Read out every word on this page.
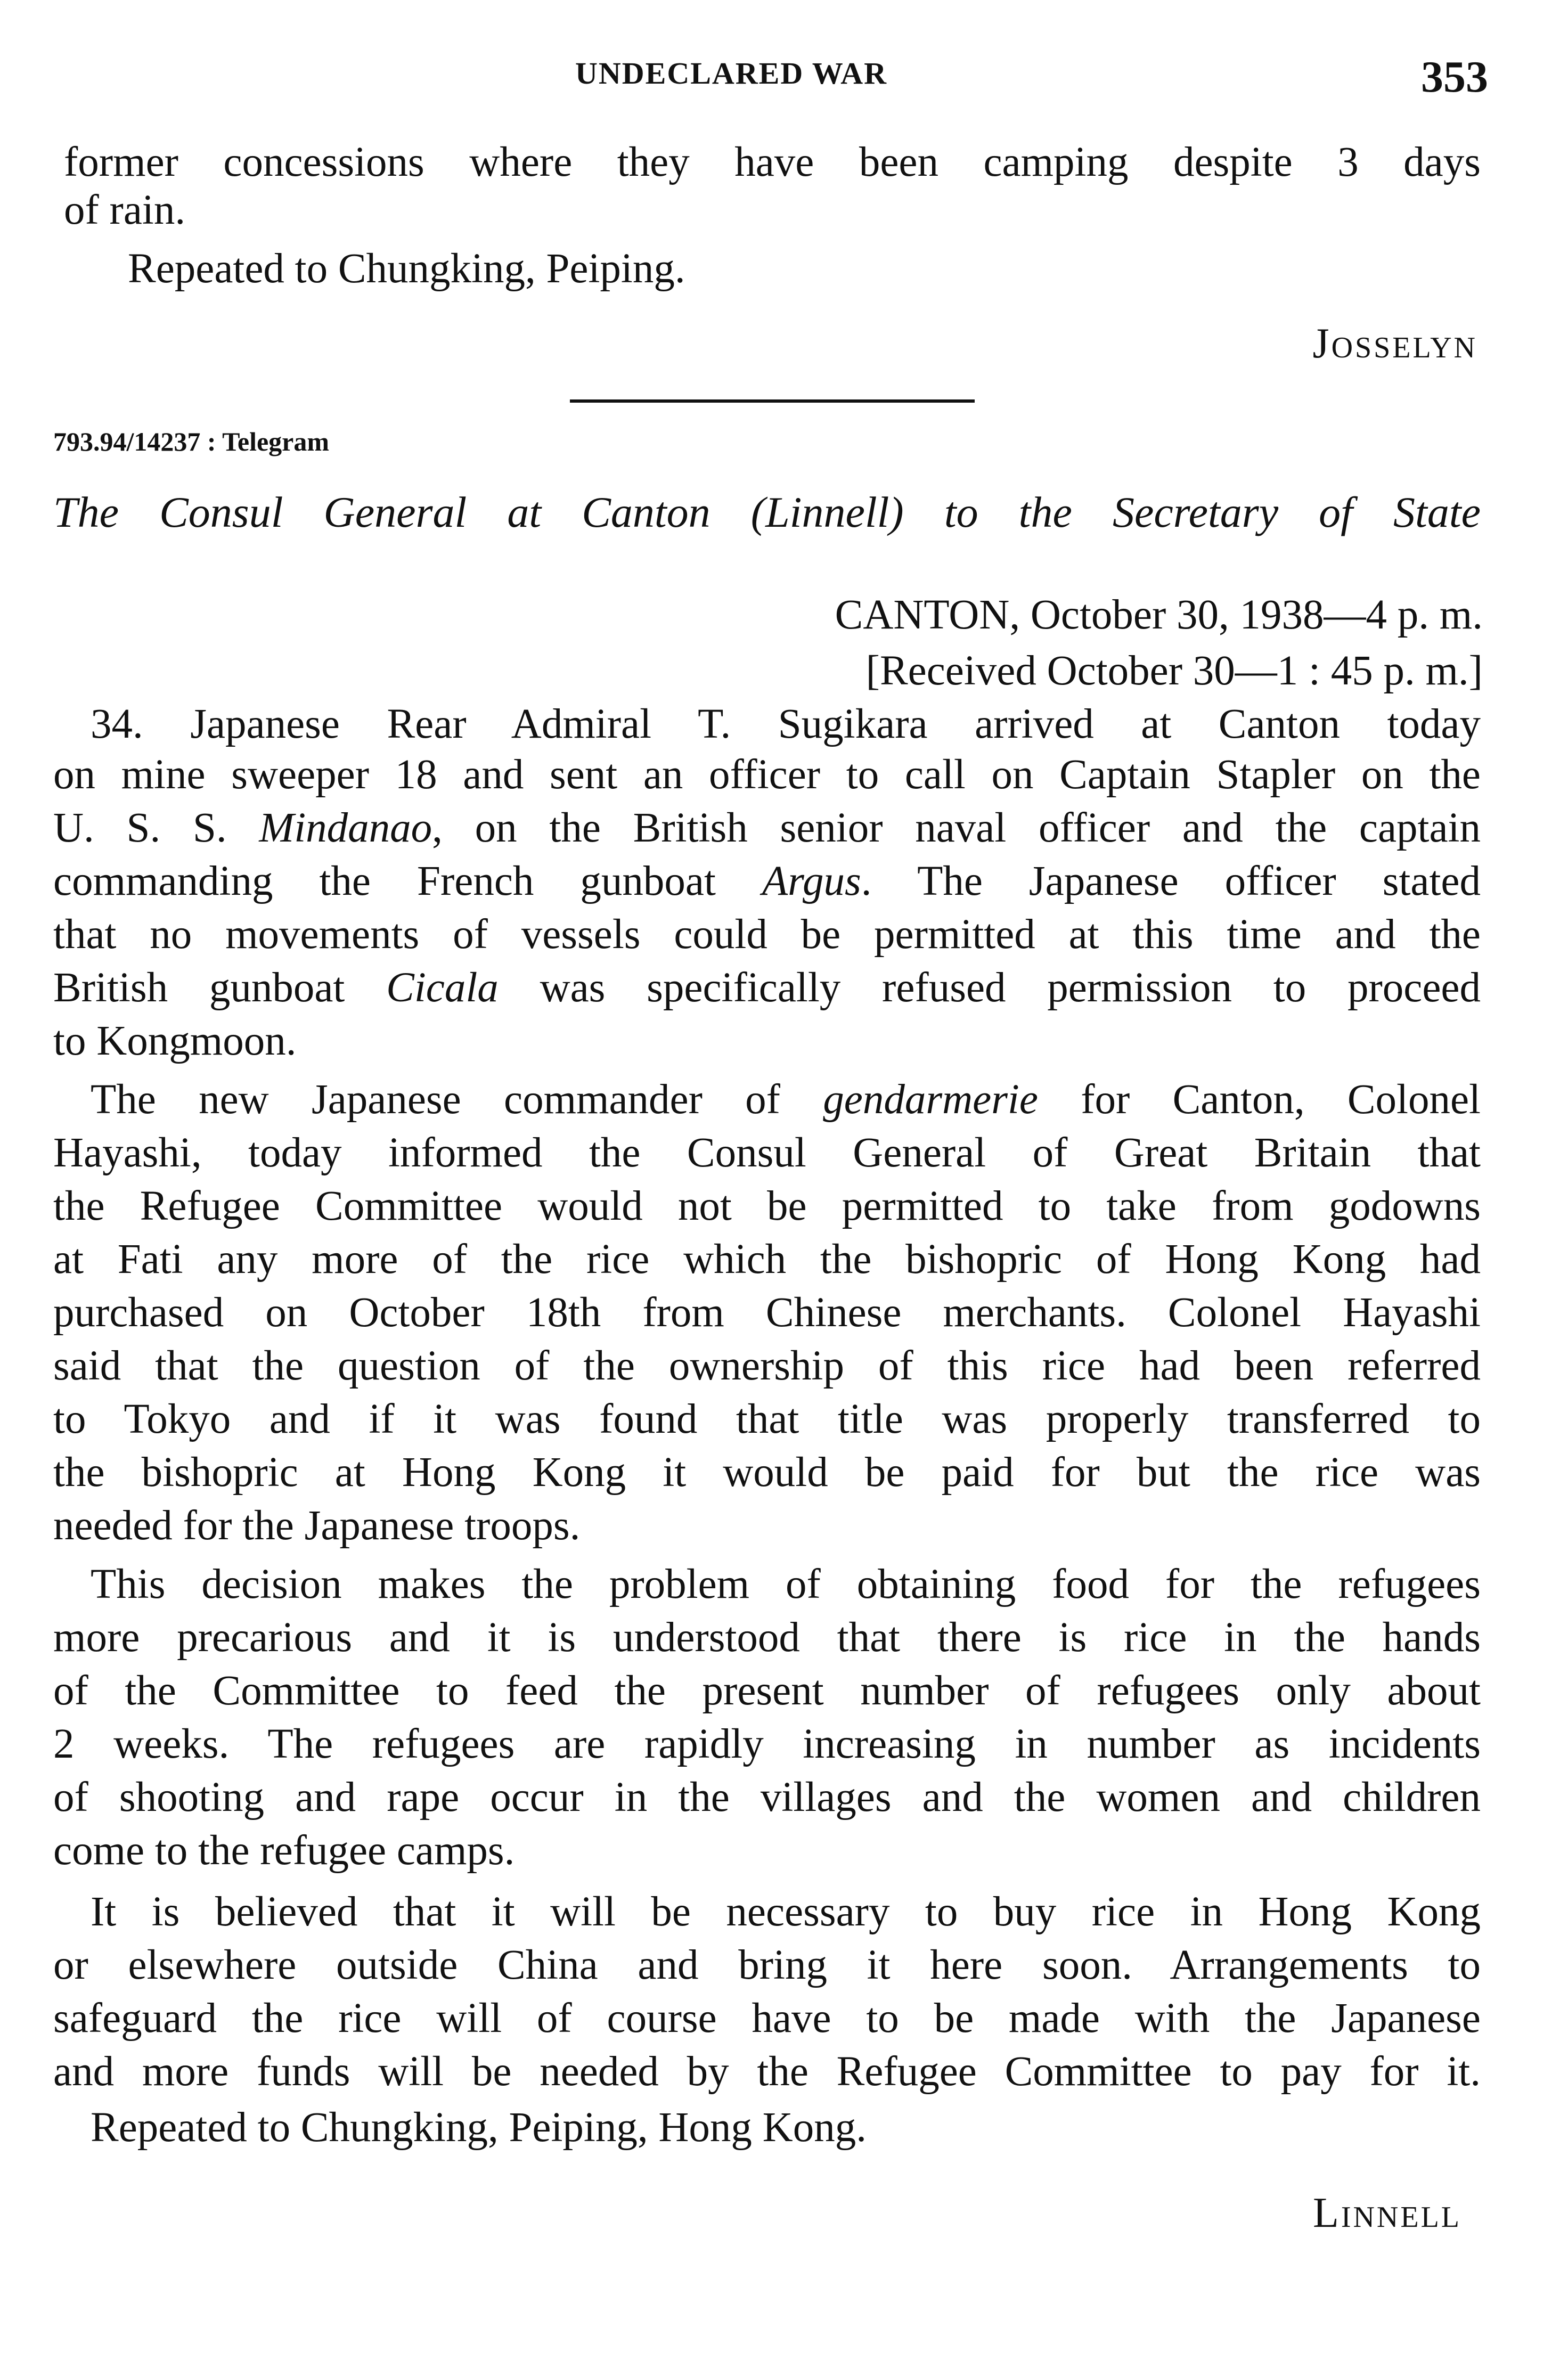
UNDECLARED WAR	353
former concessions where they have been camping despite 3 days
of rain.
Repeated to Chungking, Peiping.
JOSSELYN
793.94/14237 : Telegram
The Consul General at Canton (Linnell) to the Secretary of State
CANTON, October 30, 1938—4 p. m.
[Received October 30—1 : 45 p. m.]
34. Japanese Rear Admiral T. Sugikara arrived at Canton today
on mine sweeper 18 and sent an officer to call on Captain Stapler on the
U. S. S. Mindanao, on the British senior naval officer and the captain
commanding the French gunboat Argus. The Japanese officer stated
that no movements of vessels could be permitted at this time and the
British gunboat Cicala was specifically refused permission to proceed
to Kongmoon.
The new Japanese commander of gendarmerie for Canton, Colonel
Hayashi, today informed the Consul General of Great Britain that
the Refugee Committee would not be permitted to take from godowns
at Fati any more of the rice which the bishopric of Hong Kong had
purchased on October 18th from Chinese merchants. Colonel Hayashi
said that the question of the ownership of this rice had been referred
to Tokyo and if it was found that title was properly transferred to
the bishopric at Hong Kong it would be paid for but the rice was
needed for the Japanese troops.
This decision makes the problem of obtaining food for the refugees
more precarious and it is understood that there is rice in the hands
of the Committee to feed the present number of refugees only about
2 weeks. The refugees are rapidly increasing in number as incidents
of shooting and rape occur in the villages and the women and children
come to the refugee camps.
It is believed that it will be necessary to buy rice in Hong Kong
or elsewhere outside China and bring it here soon. Arrangements to
safeguard the rice will of course have to be made with the Japanese
and more funds will be needed by the Refugee Committee to pay for it.
Repeated to Chungking, Peiping, Hong Kong.
LINNELL
